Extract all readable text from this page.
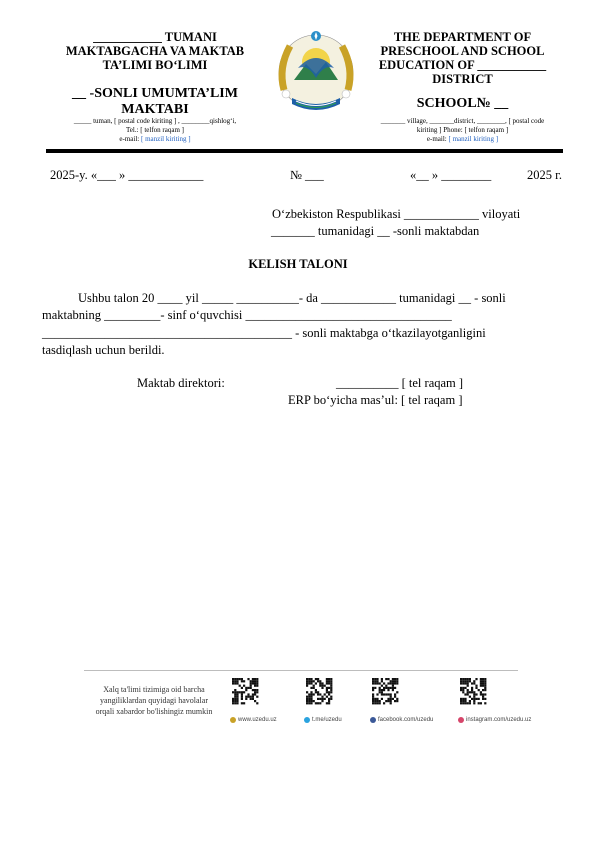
___________ TUMANI
MAKTABGACHA VA MAKTAB
TA’LIMI BO‘LIMI
__ -SONLI UMUMTA’LIM
MAKTABI
_____ tuman, [ postal code kiriting ] , ________qishlog‘i,
Tel.: [ telfon raqam ]
e-mail: [ manzil kiriting ]
THE DEPARTMENT OF
PRESCHOOL AND SCHOOL
EDUCATION OF ___________
DISTRICT
SCHOOL№ __
_______ village, _______district, ________, [ postal code
kiriting ] Phone: [ telfon raqam ]
e-mail: [ manzil kiriting ]
2025-y. «___ » ____________	№ ___	«__ » ________	2025 г.
O‘zbekiston Respublikasi ____________ viloyati
_______ tumanidagi __ -sonli maktabdan
KELISH TALONI
Ushbu talon 20 ____ yil _____ __________- da ____________ tumanidagi __ - sonli
maktabning _________- sinf o‘quvchisi _________________________________
________________________________________ - sonli maktabga o‘tkazilayotganligini
tasdiqlash uchun berildi.
Maktab direktori:	__________ [ tel raqam ]
ERP bo‘yicha mas’ul: [ tel raqam ]
Xalq ta'limi tizimiga oid barcha
yangiliklardan quyidagi havolalar
orqali xabardor bo'lishingiz mumkin
www.uzedu.uz	t.me/uzedu	facebook.com/uzedu	instagram.com/uzedu.uz
